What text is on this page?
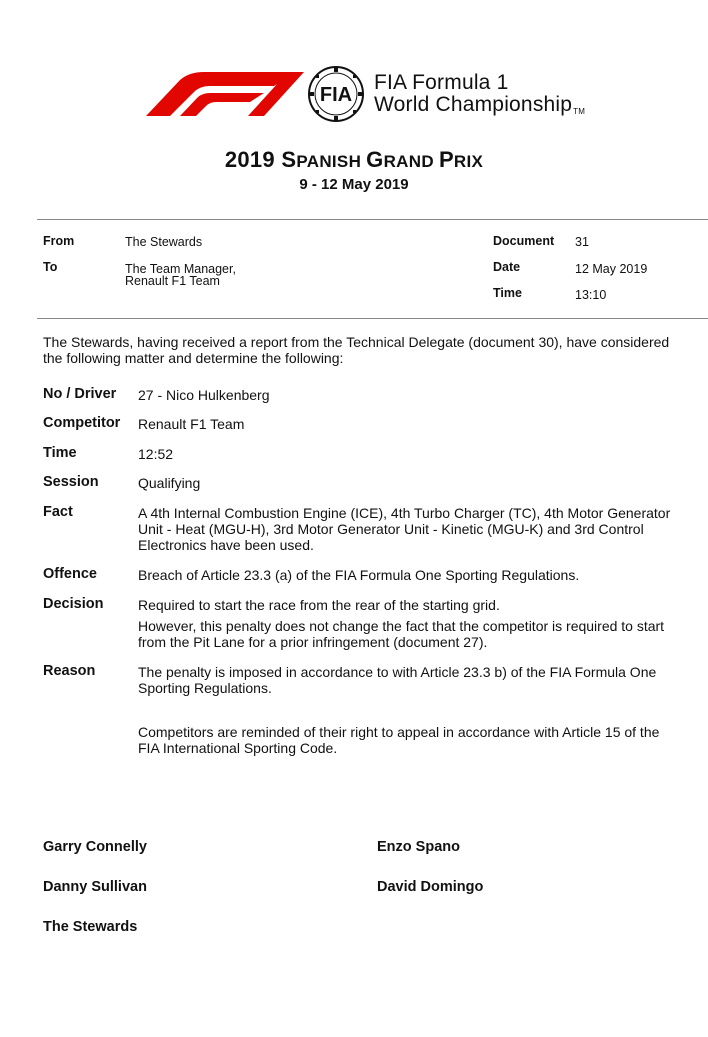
FIA
FIA Formula 1
World ChampionshipTM
2019 SPANISH GRAND PRIX
9 - 12 May 2019
From	The Stewards
To	The Team Manager,
Renault F1 Team
Document 31
Date	12 May 2019
Time	13:10
The Stewards, having received a report from the Technical Delegate (document 30), have considered
the following matter and determine the following:
No / Driver 27 - Nico Hulkenberg
Competitor Renault F1 Team
Time	12:52
Session	Qualifying
Fact	A 4th Internal Combustion Engine (ICE), 4th Turbo Charger (TC), 4th Motor Generator
Unit - Heat (MGU-H), 3rd Motor Generator Unit - Kinetic (MGU-K) and 3rd Control
Electronics have been used.
Offence	Breach of Article 23.3 (a) of the FIA Formula One Sporting Regulations.
Decision Required to start the race from the rear of the starting grid.
However, this penalty does not change the fact that the competitor is required to start
from the Pit Lane for a prior infringement (document 27).
Reason	The penalty is imposed in accordance to with Article 23.3 b) of the FIA Formula One
Sporting Regulations.
Competitors are reminded of their right to appeal in accordance with Article 15 of the
FIA International Sporting Code.
Garry Connelly	Enzo Spano
Danny Sullivan	David Domingo
The Stewards
